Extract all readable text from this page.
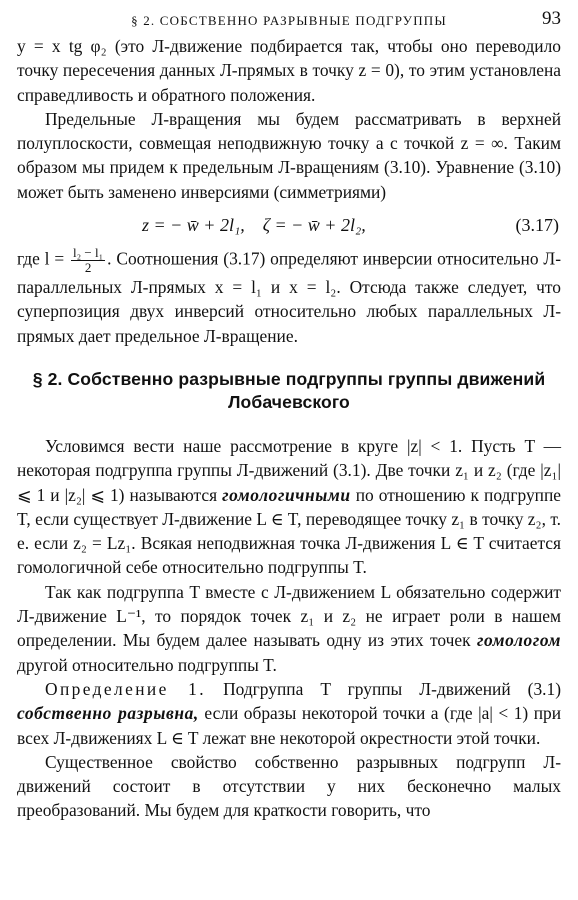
§ 2. СОБСТВЕННО РАЗРЫВНЫЕ ПОДГРУППЫ	93

y = x tg φ₂ (это Л-движение подбирается так, чтобы оно переводило точку пересечения данных Л-прямых в точку z = 0), то этим установлена справедливость и обратного положения.

Предельные Л-вращения мы будем рассматривать в верхней полуплоскости, совмещая неподвижную точку a с точкой z = ∞. Таким образом мы придем к предельным Л-вращениям (3.10). Уравнение (3.10) может быть заменено инверсиями (симметриями)

z = − w̄ + 2l₁, ζ = − w̄ + 2l₂,	(3.17)

где $l = \frac{\text{l₂ − l₁}}{2}$ . Соотношения (3.17) определяют инверсии относительно Л-параллельных Л-прямых x = l₁ и x = l₂. Отсюда также следует, что суперпозиция двух инверсий относительно любых параллельных Л-прямых дает предельное Л-вращение.

§ 2. Собственно разрывные подгруппы группы движений Лобачевского

Условимся вести наше рассмотрение в круге |z| < 1. Пусть T — некоторая подгруппа группы Л-движений (3.1). Две точки z₁ и z₂ (где |z₁| ⩽ 1 и |z₂| ⩽ 1) называются гомологичными по отношению к подгруппе T, если существует Л-движение L ∈ T, переводящее точку z₁ в точку z₂, т. е. если z₂ = Lz₁. Всякая неподвижная точка Л-движения L ∈ T считается гомологичной себе относительно подгруппы T.

Так как подгруппа T вместе с Л-движением L обязательно содержит Л-движение L⁻¹, то порядок точек z₁ и z₂ не играет роли в нашем определении. Мы будем далее называть одну из этих точек гомологом другой относительно подгруппы T.

Определение 1. Подгруппа T группы Л-движений (3.1) собственно разрывна, если образы некоторой точки a (где |a| < 1) при всех Л-движениях L ∈ T лежат вне некоторой окрестности этой точки.

Существенное свойство собственно разрывных подгрупп Л-движений состоит в отсутствии у них бесконечно малых преобразований. Мы будем для краткости говорить, что
